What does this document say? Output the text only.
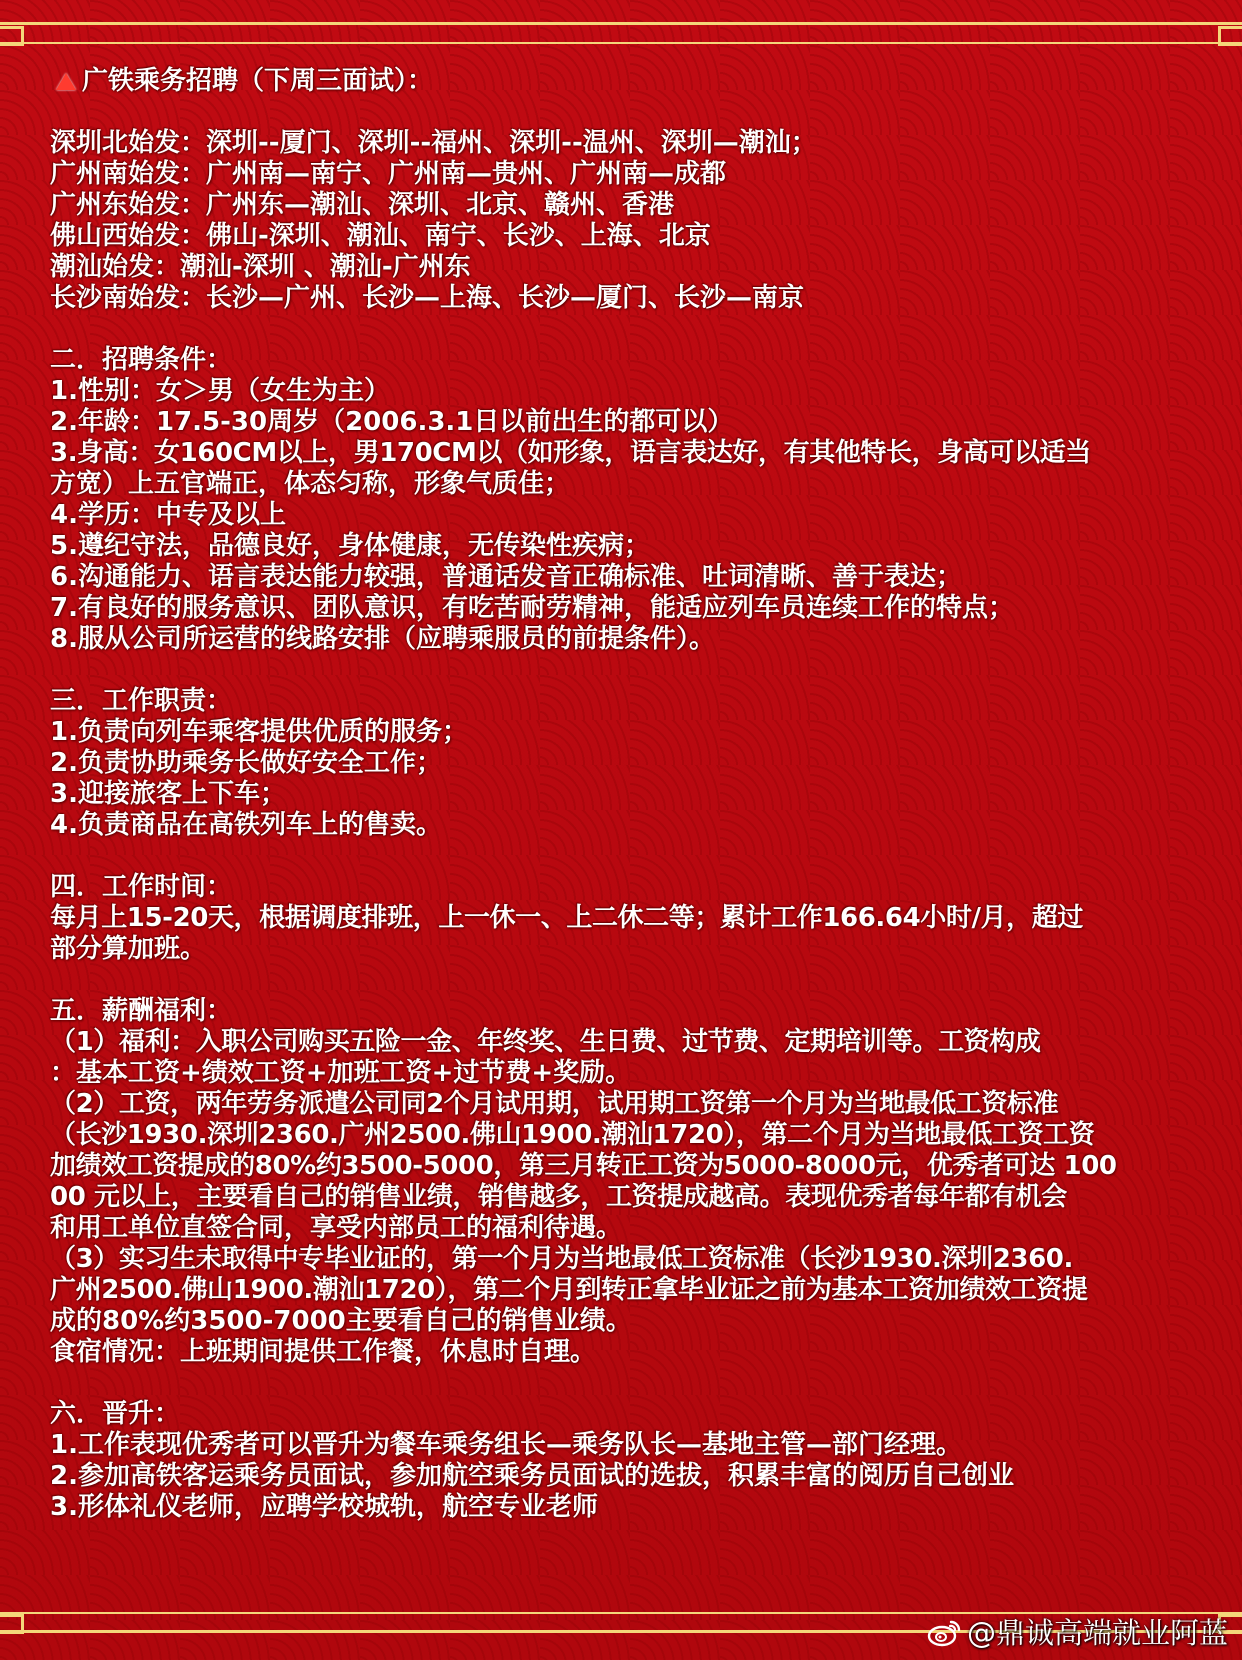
广铁乘务招聘（下周三面试）：
深圳北始发：深圳--厦门、深圳--福州、深圳--温州、深圳—潮汕；
广州南始发：广州南—南宁、广州南—贵州、广州南—成都
广州东始发：广州东—潮汕、深圳、北京、赣州、香港
佛山西始发：佛山-深圳、潮汕、南宁、长沙、上海、北京
潮汕始发：潮汕-深圳 、潮汕-广州东
长沙南始发：长沙—广州、长沙—上海、长沙—厦门、长沙—南京
二．招聘条件：
1.性别：女＞男（女生为主）
2.年龄：17.5-30周岁（2006.3.1日以前出生的都可以）
3.身高：女160CM以上，男170CM以（如形象，语言表达好，有其他特长，身高可以适当
方宽）上五官端正，体态匀称，形象气质佳；
4.学历：中专及以上
5.遵纪守法，品德良好，身体健康，无传染性疾病；
6.沟通能力、语言表达能力较强，普通话发音正确标准、吐词清晰、善于表达；
7.有良好的服务意识、团队意识，有吃苦耐劳精神，能适应列车员连续工作的特点；
8.服从公司所运营的线路安排（应聘乘服员的前提条件）。
三．工作职责：
1.负责向列车乘客提供优质的服务；
2.负责协助乘务长做好安全工作；
3.迎接旅客上下车；
4.负责商品在高铁列车上的售卖。
四．工作时间：
每月上15-20天，根据调度排班，上一休一、上二休二等；累计工作166.64小时/月，超过
部分算加班。
五．薪酬福利：
（1）福利：入职公司购买五险一金、年终奖、生日费、过节费、定期培训等。工资构成
：基本工资+绩效工资+加班工资+过节费+奖励。
（2）工资，两年劳务派遣公司同2个月试用期，试用期工资第一个月为当地最低工资标准
（长沙1930.深圳2360.广州2500.佛山1900.潮汕1720），第二个月为当地最低工资工资
加绩效工资提成的80%约3500-5000，第三月转正工资为5000-8000元，优秀者可达 100
00 元以上，主要看自己的销售业绩，销售越多，工资提成越高。表现优秀者每年都有机会
和用工单位直签合同，享受内部员工的福利待遇。
（3）实习生未取得中专毕业证的，第一个月为当地最低工资标准（长沙1930.深圳2360.
广州2500.佛山1900.潮汕1720），第二个月到转正拿毕业证之前为基本工资加绩效工资提
成的80%约3500-7000主要看自己的销售业绩。
食宿情况：上班期间提供工作餐，休息时自理。
六．晋升：
1.工作表现优秀者可以晋升为餐车乘务组长—乘务队长—基地主管—部门经理。
2.参加高铁客运乘务员面试，参加航空乘务员面试的选拔，积累丰富的阅历自己创业
3.形体礼仪老师，应聘学校城轨，航空专业老师
@鼎诚高端就业阿蓝
